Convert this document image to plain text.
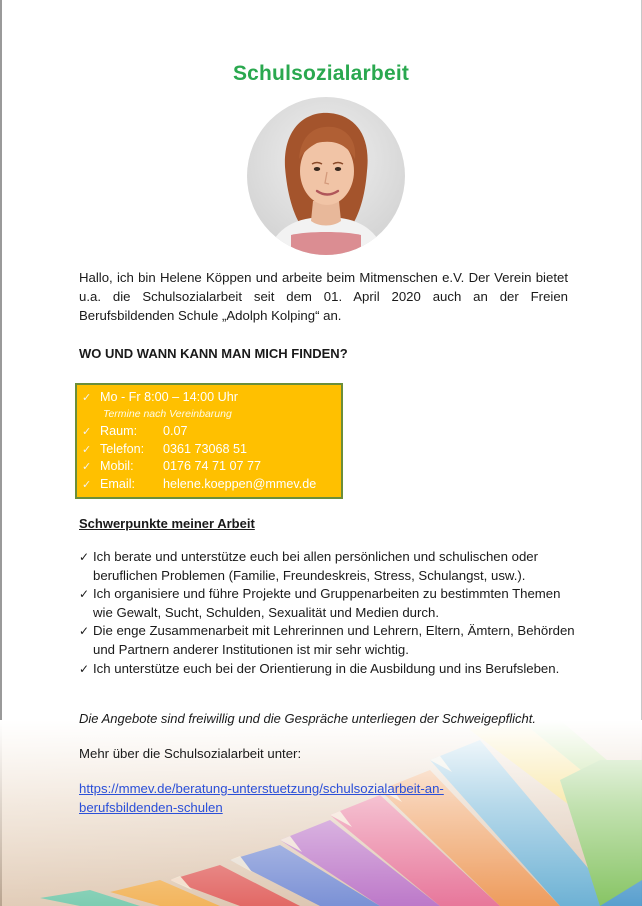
Schulsozialarbeit
Hallo, ich bin Helene Köppen und arbeite beim Mitmenschen e.V. Der Verein bietet u.a. die Schulsozialarbeit seit dem 01. April 2020 auch an der Freien Berufsbildenden Schule „Adolph Kolping“ an.
WO UND WANN KANN MAN MICH FINDEN?
✓ Mo - Fr 8:00 – 14:00 Uhr
Termine nach Vereinbarung
✓ Raum: 0.07
✓ Telefon: 0361 73068 51
✓ Mobil: 0176 74 71 07 77
✓ Email: helene.koeppen@mmev.de
Schwerpunkte meiner Arbeit
✓ Ich berate und unterstütze euch bei allen persönlichen und schulischen oder beruflichen Problemen (Familie, Freundeskreis, Stress, Schulangst, usw.).
✓ Ich organisiere und führe Projekte und Gruppenarbeiten zu bestimmten Themen wie Gewalt, Sucht, Schulden, Sexualität und Medien durch.
✓ Die enge Zusammenarbeit mit Lehrerinnen und Lehrern, Eltern, Ämtern, Behörden und Partnern anderer Institutionen ist mir sehr wichtig.
✓ Ich unterstütze euch bei der Orientierung in die Ausbildung und ins Berufsleben.
Die Angebote sind freiwillig und die Gespräche unterliegen der Schweigepflicht.
Mehr über die Schulsozialarbeit unter:
https://mmev.de/beratung-unterstuetzung/schulsozialarbeit-an-berufsbildenden-schulen
